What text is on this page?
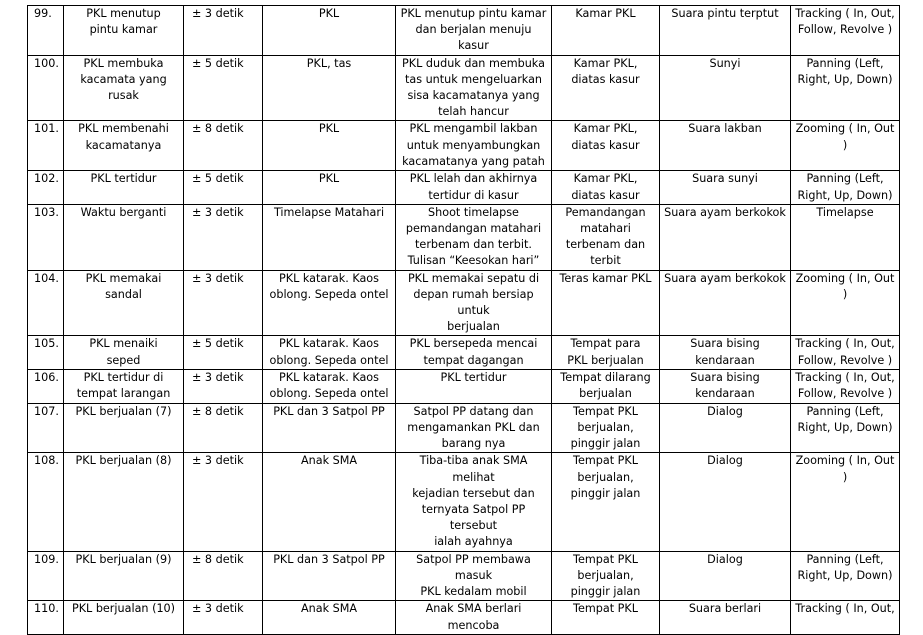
99.	PKL menutup
pintu kamar	± 3 detik	PKL	PKL menutup pintu kamar
dan berjalan menuju kasur	Kamar PKL	Suara pintu terptut	Tracking ( In, Out,
Follow, Revolve )
100.	PKL membuka
kacamata yang
rusak	± 5 detik	PKL, tas	PKL duduk dan membuka
tas untuk mengeluarkan
sisa kacamatanya yang
telah hancur	Kamar PKL,
diatas kasur	Sunyi	Panning (Left,
Right, Up, Down)
101.	PKL membenahi
kacamatanya	± 8 detik	PKL	PKL mengambil lakban
untuk menyambungkan
kacamatanya yang patah	Kamar PKL,
diatas kasur	Suara lakban	Zooming ( In, Out )
102.	PKL tertidur	± 5 detik	PKL	PKL lelah dan akhirnya
tertidur di kasur	Kamar PKL,
diatas kasur	Suara sunyi	Panning (Left,
Right, Up, Down)
103.	Waktu berganti	± 3 detik	Timelapse Matahari	Shoot timelapse
pemandangan matahari
terbenam dan terbit.
Tulisan “Keesokan hari”	Pemandangan
matahari
terbenam dan
terbit	Suara ayam berkokok	Timelapse
104.	PKL memakai
sandal	± 3 detik	PKL katarak. Kaos
oblong. Sepeda ontel	PKL memakai sepatu di
depan rumah bersiap untuk
berjualan	Teras kamar PKL	Suara ayam berkokok	Zooming ( In, Out )
105.	PKL menaiki
seped	± 5 detik	PKL katarak. Kaos
oblong. Sepeda ontel	PKL bersepeda mencai
tempat dagangan	Tempat para
PKL berjualan	Suara bising
kendaraan	Tracking ( In, Out,
Follow, Revolve )
106.	PKL tertidur di
tempat larangan	± 3 detik	PKL katarak. Kaos
oblong. Sepeda ontel	PKL tertidur	Tempat dilarang
berjualan	Suara bising
kendaraan	Tracking ( In, Out,
Follow, Revolve )
107.	PKL berjualan (7)	± 8 detik	PKL dan 3 Satpol PP	Satpol PP datang dan
mengamankan PKL dan
barang nya	Tempat PKL
berjualan,
pinggir jalan	Dialog	Panning (Left,
Right, Up, Down)
108.	PKL berjualan (8)	± 3 detik	Anak SMA	Tiba-tiba anak SMA melihat
kejadian tersebut dan
ternyata Satpol PP tersebut
ialah ayahnya	Tempat PKL
berjualan,
pinggir jalan	Dialog	Zooming ( In, Out )
109.	PKL berjualan (9)	± 8 detik	PKL dan 3 Satpol PP	Satpol PP membawa masuk
PKL kedalam mobil	Tempat PKL
berjualan,
pinggir jalan	Dialog	Panning (Left,
Right, Up, Down)
110.	PKL berjualan (10)	± 3 detik	Anak SMA	Anak SMA berlari mencoba	Tempat PKL	Suara berlari	Tracking ( In, Out,
